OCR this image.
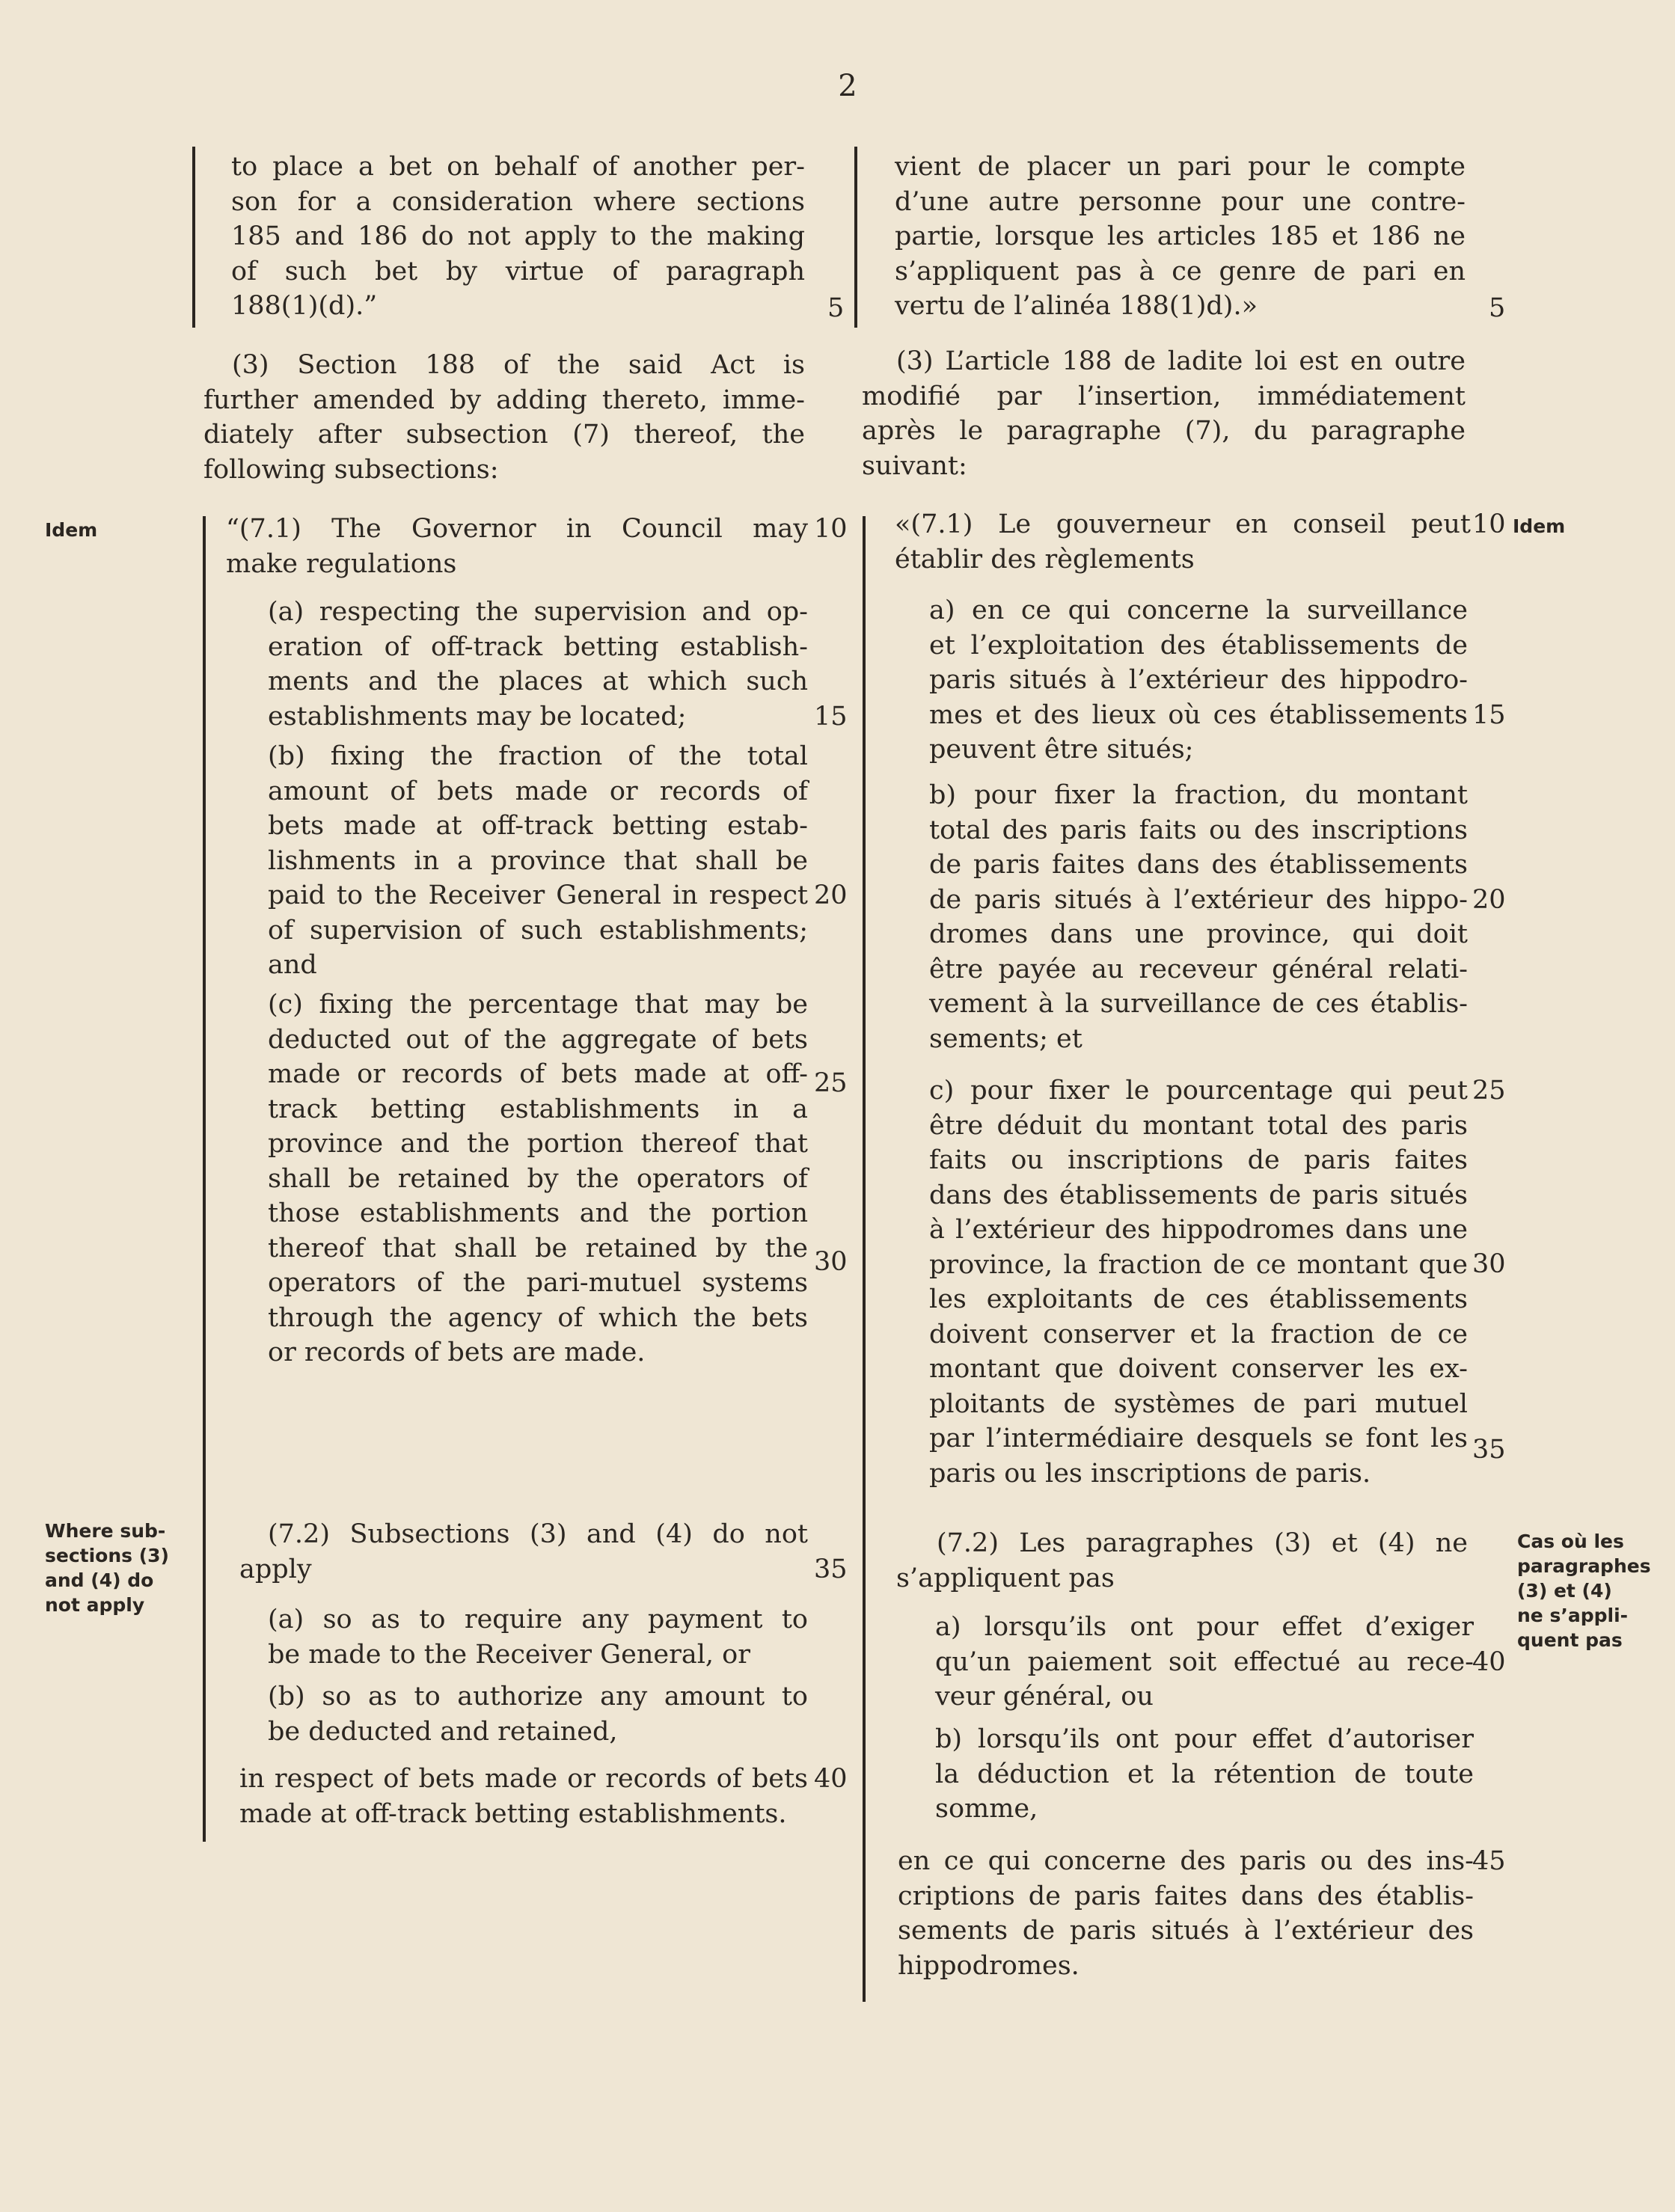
2
to place a bet on behalf of another per-
son for a consideration where sections
185 and 186 do not apply to the making
of such bet by virtue of paragraph
188(1)(d).”
(3) Section 188 of the said Act is
further amended by adding thereto, imme-
diately after subsection (7) thereof, the
following subsections:
Idem	“(7.1) The Governor in Council may
make regulations
(a) respecting the supervision and op-
eration of off-track betting establish-
ments and the places at which such
establishments may be located;
(b) fixing the fraction of the total
amount of bets made or records of
bets made at off-track betting estab-
lishments in a province that shall be
paid to the Receiver General in respect
of supervision of such establishments;
and
(c) fixing the percentage that may be
deducted out of the aggregate of bets
made or records of bets made at off-
track betting establishments in a
province and the portion thereof that
shall be retained by the operators of
those establishments and the portion
thereof that shall be retained by the
operators of the pari-mutuel systems
through the agency of which the bets
or records of bets are made.
Where sub-
sections (3)
and (4) do
not apply
(7.2) Subsections (3) and (4) do not
apply
(a) so as to require any payment to
be made to the Receiver General, or
(b) so as to authorize any amount to
be deducted and retained,
in respect of bets made or records of bets
made at off-track betting establishments.
5
10
15
20
25
30
35
40
vient de placer un pari pour le compte
d’une autre personne pour une contre-
partie, lorsque les articles 185 et 186 ne
s’appliquent pas à ce genre de pari en
vertu de l’alinéa 188(1)d).»
(3) L’article 188 de ladite loi est en outre
modifié par l’insertion, immédiatement
après le paragraphe (7), du paragraphe
suivant:
«(7.1) Le gouverneur en conseil peut
établir des règlements
Idem
a) en ce qui concerne la surveillance
et l’exploitation des établissements de
paris situés à l’extérieur des hippodro-
mes et des lieux où ces établissements
peuvent être situés;
b) pour fixer la fraction, du montant
total des paris faits ou des inscriptions
de paris faites dans des établissements
de paris situés à l’extérieur des hippo-
dromes dans une province, qui doit
être payée au receveur général relati-
vement à la surveillance de ces établis-
sements; et
c) pour fixer le pourcentage qui peut
être déduit du montant total des paris
faits ou inscriptions de paris faites
dans des établissements de paris situés
à l’extérieur des hippodromes dans une
province, la fraction de ce montant que
les exploitants de ces établissements
doivent conserver et la fraction de ce
montant que doivent conserver les ex-
ploitants de systèmes de pari mutuel
par l’intermédiaire desquels se font les
paris ou les inscriptions de paris.
(7.2) Les paragraphes (3) et (4) ne
s’appliquent pas
Cas où les
paragraphes
(3) et (4)
ne s’appli-
quent pas
a) lorsqu’ils ont pour effet d’exiger
qu’un paiement soit effectué au rece-
veur général, ou
b) lorsqu’ils ont pour effet d’autoriser
la déduction et la rétention de toute
somme,
en ce qui concerne des paris ou des ins-
criptions de paris faites dans des établis-
sements de paris situés à l’extérieur des
hippodromes.
5
10
15
20
25
30
35
40
45
